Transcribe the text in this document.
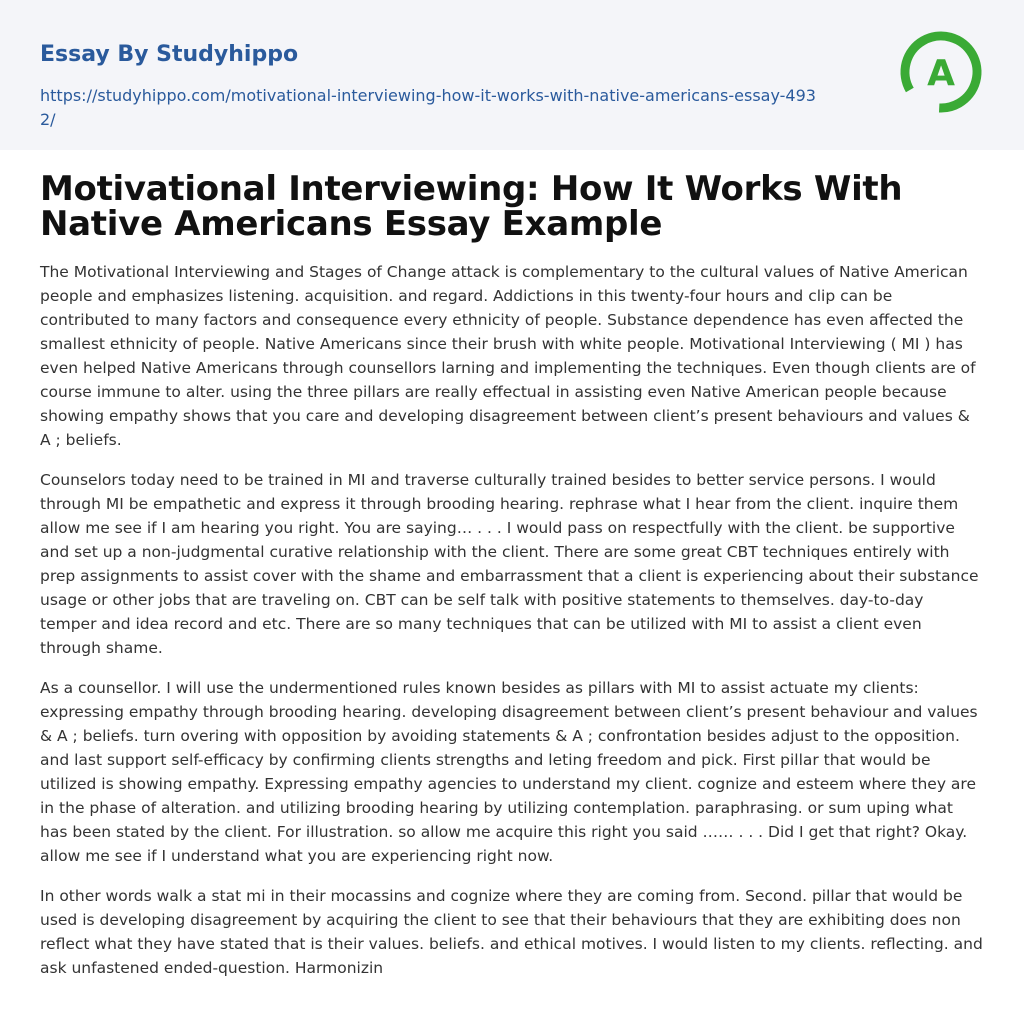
Essay By Studyhippo
https://studyhippo.com/motivational-interviewing-how-it-works-with-native-americans-essay-4932/
A
Motivational Interviewing: How It Works With Native Americans Essay Example

The Motivational Interviewing and Stages of Change attack is complementary to the cultural values of Native American people and emphasizes listening. acquisition. and regard. Addictions in this twenty-four hours and clip can be contributed to many factors and consequence every ethnicity of people. Substance dependence has even affected the smallest ethnicity of people. Native Americans since their brush with white people. Motivational Interviewing ( MI ) has even helped Native Americans through counsellors larning and implementing the techniques. Even though clients are of course immune to alter. using the three pillars are really effectual in assisting even Native American people because showing empathy shows that you care and developing disagreement between client’s present behaviours and values & A ; beliefs.

Counselors today need to be trained in MI and traverse culturally trained besides to better service persons. I would through MI be empathetic and express it through brooding hearing. rephrase what I hear from the client. inquire them allow me see if I am hearing you right. You are saying… . . . I would pass on respectfully with the client. be supportive and set up a non-judgmental curative relationship with the client. There are some great CBT techniques entirely with prep assignments to assist cover with the shame and embarrassment that a client is experiencing about their substance usage or other jobs that are traveling on. CBT can be self talk with positive statements to themselves. day-to-day temper and idea record and etc. There are so many techniques that can be utilized with MI to assist a client even through shame.

As a counsellor. I will use the undermentioned rules known besides as pillars with MI to assist actuate my clients: expressing empathy through brooding hearing. developing disagreement between client’s present behaviour and values & A ; beliefs. turn overing with opposition by avoiding statements & A ; confrontation besides adjust to the opposition. and last support self-efficacy by confirming clients strengths and leting freedom and pick. First pillar that would be utilized is showing empathy. Expressing empathy agencies to understand my client. cognize and esteem where they are in the phase of alteration. and utilizing brooding hearing by utilizing contemplation. paraphrasing. or sum uping what has been stated by the client. For illustration. so allow me acquire this right you said …… . . . Did I get that right? Okay. allow me see if I understand what you are experiencing right now.

In other words walk a stat mi in their mocassins and cognize where they are coming from. Second. pillar that would be used is developing disagreement by acquiring the client to see that their behaviours that they are exhibiting does non reflect what they have stated that is their values. beliefs. and ethical motives. I would listen to my clients. reflecting. and ask unfastened ended-question. Harmonizin
